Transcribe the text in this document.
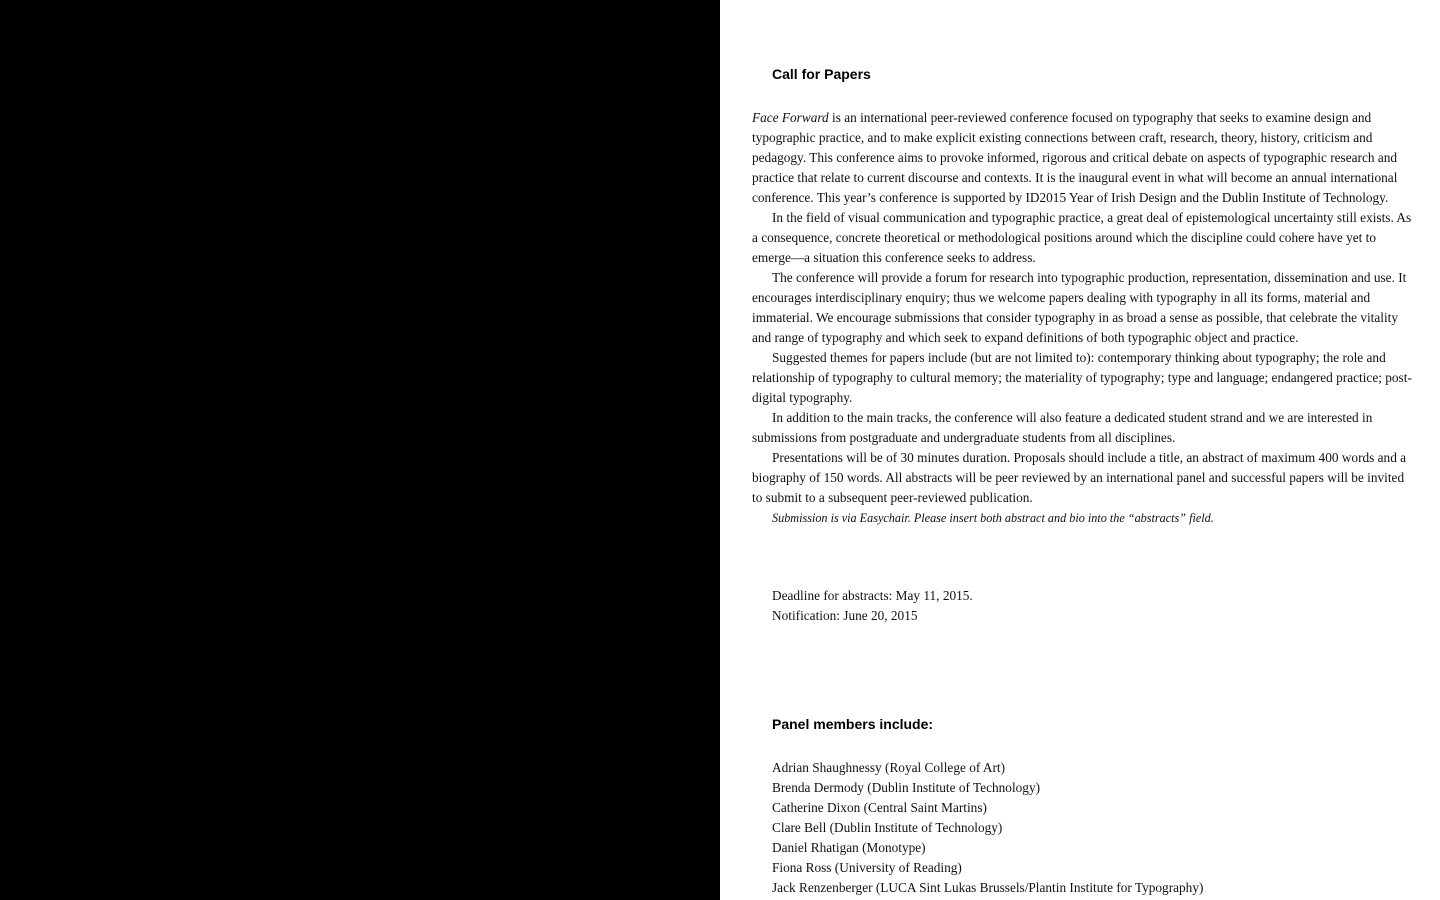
Call for Papers

Face Forward is an international peer-reviewed conference focused on typography that seeks to examine design and typographic practice, and to make explicit existing connections between craft, research, theory, history, criticism and pedagogy. This conference aims to provoke informed, rigorous and critical debate on aspects of typographic research and practice that relate to current discourse and contexts. It is the inaugural event in what will become an annual international conference. This year’s conference is supported by ID2015 Year of Irish Design and the Dublin Institute of Technology.

In the field of visual communication and typographic practice, a great deal of epistemological uncertainty still exists. As a consequence, concrete theoretical or methodological positions around which the discipline could cohere have yet to emerge—a situation this conference seeks to address.

The conference will provide a forum for research into typographic production, representation, dissemination and use. It encourages interdisciplinary enquiry; thus we welcome papers dealing with typography in all its forms, material and immaterial. We encourage submissions that consider typography in as broad a sense as possible, that celebrate the vitality and range of typography and which seek to expand definitions of both typographic object and practice.

Suggested themes for papers include (but are not limited to): contemporary thinking about typography; the role and relationship of typography to cultural memory; the materiality of typography; type and language; endangered practice; post-digital typography.

In addition to the main tracks, the conference will also feature a dedicated student strand and we are interested in submissions from postgraduate and undergraduate students from all disciplines.

Presentations will be of 30 minutes duration. Proposals should include a title, an abstract of maximum 400 words and a biography of 150 words. All abstracts will be peer reviewed by an international panel and successful papers will be invited to submit to a subsequent peer-reviewed publication.

Submission is via Easychair. Please insert both abstract and bio into the “abstracts” field.

Deadline for abstracts: May 11, 2015.

Notification: June 20, 2015

Panel members include:
Adrian Shaughnessy (Royal College of Art)
Brenda Dermody (Dublin Institute of Technology)
Catherine Dixon (Central Saint Martins)
Clare Bell (Dublin Institute of Technology)
Daniel Rhatigan (Monotype)
Fiona Ross (University of Reading)
Jack Renzenberger (LUCA Sint Lukas Brussels/Plantin Institute for Typography)
